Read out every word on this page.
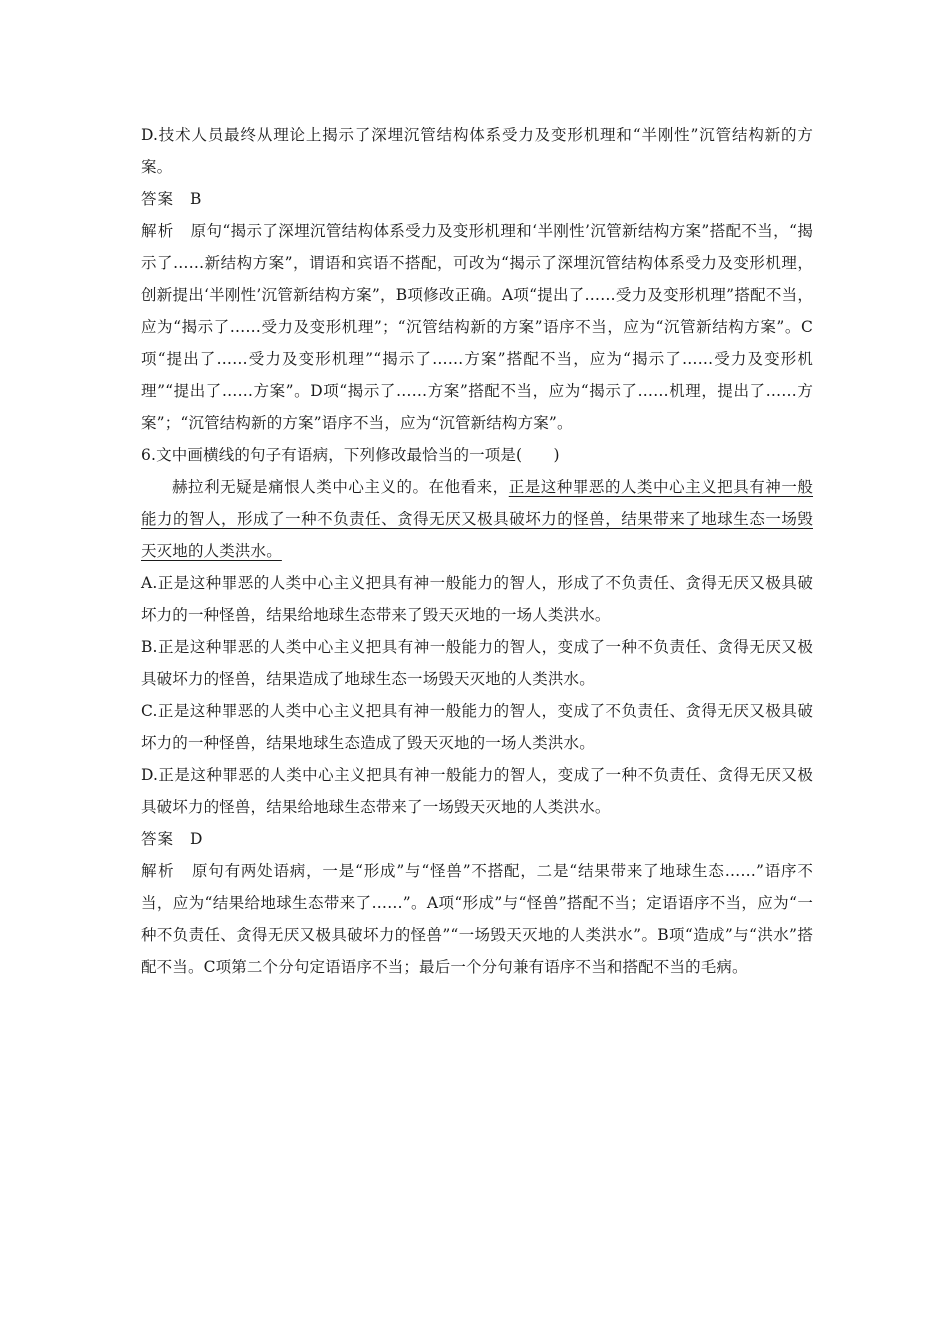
D.技术人员最终从理论上揭示了深埋沉管结构体系受力及变形机理和“半刚性”沉管结构新的方案。

答案 B

解析 原句“揭示了深埋沉管结构体系受力及变形机理和‘半刚性’沉管新结构方案”搭配不当，“揭示了……新结构方案”，谓语和宾语不搭配，可改为“揭示了深埋沉管结构体系受力及变形机理，创新提出‘半刚性’沉管新结构方案”，B项修改正确。A项“提出了……受力及变形机理”搭配不当，应为“揭示了……受力及变形机理”；“沉管结构新的方案”语序不当，应为“沉管新结构方案”。C项“提出了……受力及变形机理”“揭示了……方案”搭配不当，应为“揭示了……受力及变形机理”“提出了……方案”。D项“揭示了……方案”搭配不当，应为“揭示了……机理，提出了……方案”；“沉管结构新的方案”语序不当，应为“沉管新结构方案”。

6.文中画横线的句子有语病，下列修改最恰当的一项是(　　)

赫拉利无疑是痛恨人类中心主义的。在他看来，正是这种罪恶的人类中心主义把具有神一般能力的智人，形成了一种不负责任、贪得无厌又极具破坏力的怪兽，结果带来了地球生态一场毁天灭地的人类洪水。

A.正是这种罪恶的人类中心主义把具有神一般能力的智人，形成了不负责任、贪得无厌又极具破坏力的一种怪兽，结果给地球生态带来了毁天灭地的一场人类洪水。

B.正是这种罪恶的人类中心主义把具有神一般能力的智人，变成了一种不负责任、贪得无厌又极具破坏力的怪兽，结果造成了地球生态一场毁天灭地的人类洪水。

C.正是这种罪恶的人类中心主义把具有神一般能力的智人，变成了不负责任、贪得无厌又极具破坏力的一种怪兽，结果地球生态造成了毁天灭地的一场人类洪水。

D.正是这种罪恶的人类中心主义把具有神一般能力的智人，变成了一种不负责任、贪得无厌又极具破坏力的怪兽，结果给地球生态带来了一场毁天灭地的人类洪水。

答案 D

解析 原句有两处语病，一是“形成”与“怪兽”不搭配，二是“结果带来了地球生态……”语序不当，应为“结果给地球生态带来了……”。A项“形成”与“怪兽”搭配不当；定语语序不当，应为“一种不负责任、贪得无厌又极具破坏力的怪兽”“一场毁天灭地的人类洪水”。B项“造成”与“洪水”搭配不当。C项第二个分句定语语序不当；最后一个分句兼有语序不当和搭配不当的毛病。
